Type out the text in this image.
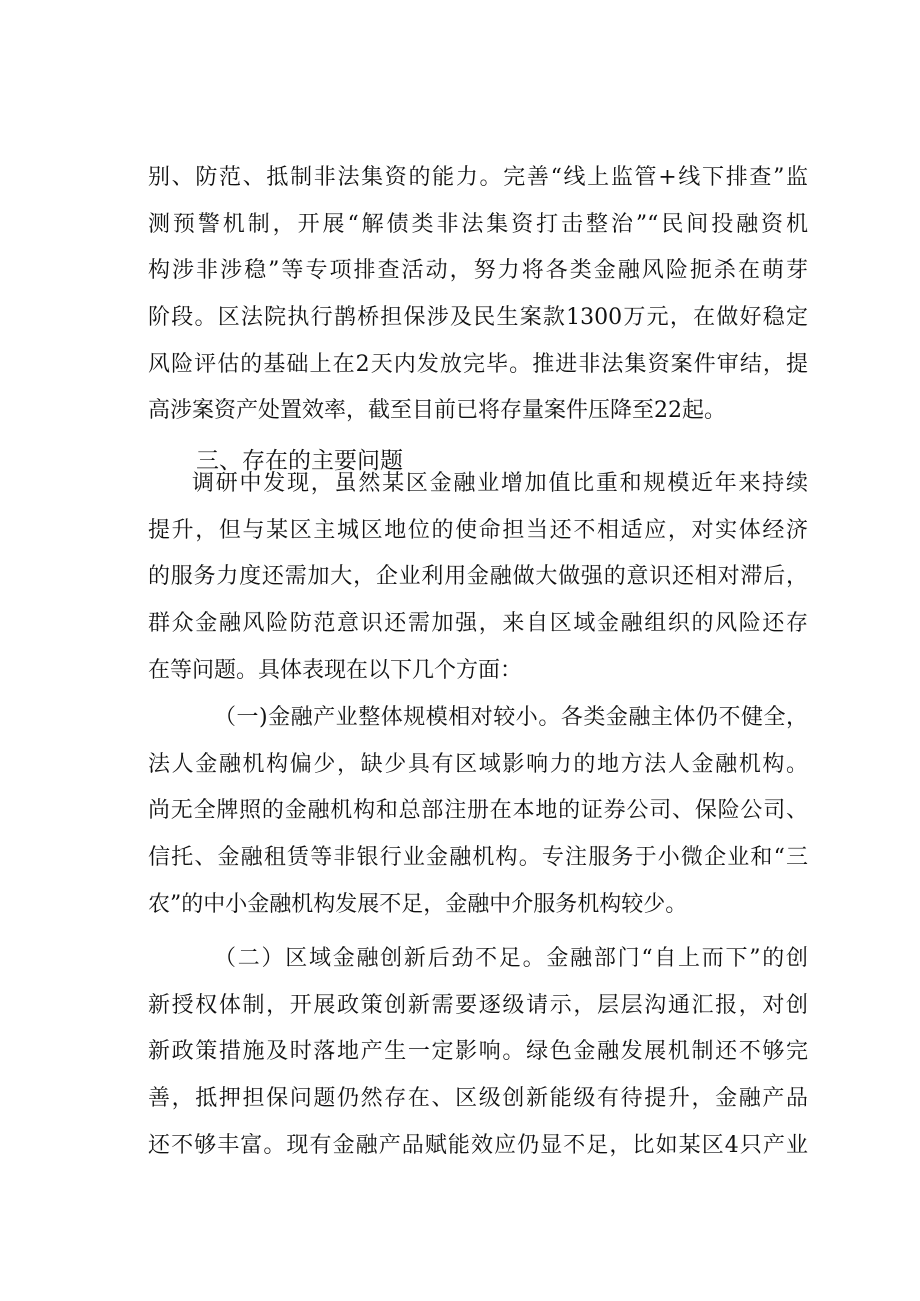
别、防范、抵制非法集资的能力。完善“线上监管+线下排查”监
测预警机制，开展“解债类非法集资打击整治”“民间投融资机
构涉非涉稳”等专项排查活动，努力将各类金融风险扼杀在萌芽
阶段。区法院执行鹊桥担保涉及民生案款1300万元，在做好稳定
风险评估的基础上在2天内发放完毕。推进非法集资案件审结，提
高涉案资产处置效率，截至目前已将存量案件压降至22起。
三、存在的主要问题
调研中发现，虽然某区金融业增加值比重和规模近年来持续
提升，但与某区主城区地位的使命担当还不相适应，对实体经济
的服务力度还需加大，企业利用金融做大做强的意识还相对滞后，
群众金融风险防范意识还需加强，来自区域金融组织的风险还存
在等问题。具体表现在以下几个方面：
（一)金融产业整体规模相对较小。各类金融主体仍不健全，
法人金融机构偏少，缺少具有区域影响力的地方法人金融机构。
尚无全牌照的金融机构和总部注册在本地的证券公司、保险公司、
信托、金融租赁等非银行业金融机构。专注服务于小微企业和“三
农”的中小金融机构发展不足，金融中介服务机构较少。
（二）区域金融创新后劲不足。金融部门“自上而下”的创
新授权体制，开展政策创新需要逐级请示，层层沟通汇报，对创
新政策措施及时落地产生一定影响。绿色金融发展机制还不够完
善，抵押担保问题仍然存在、区级创新能级有待提升，金融产品
还不够丰富。现有金融产品赋能效应仍显不足，比如某区4只产业
